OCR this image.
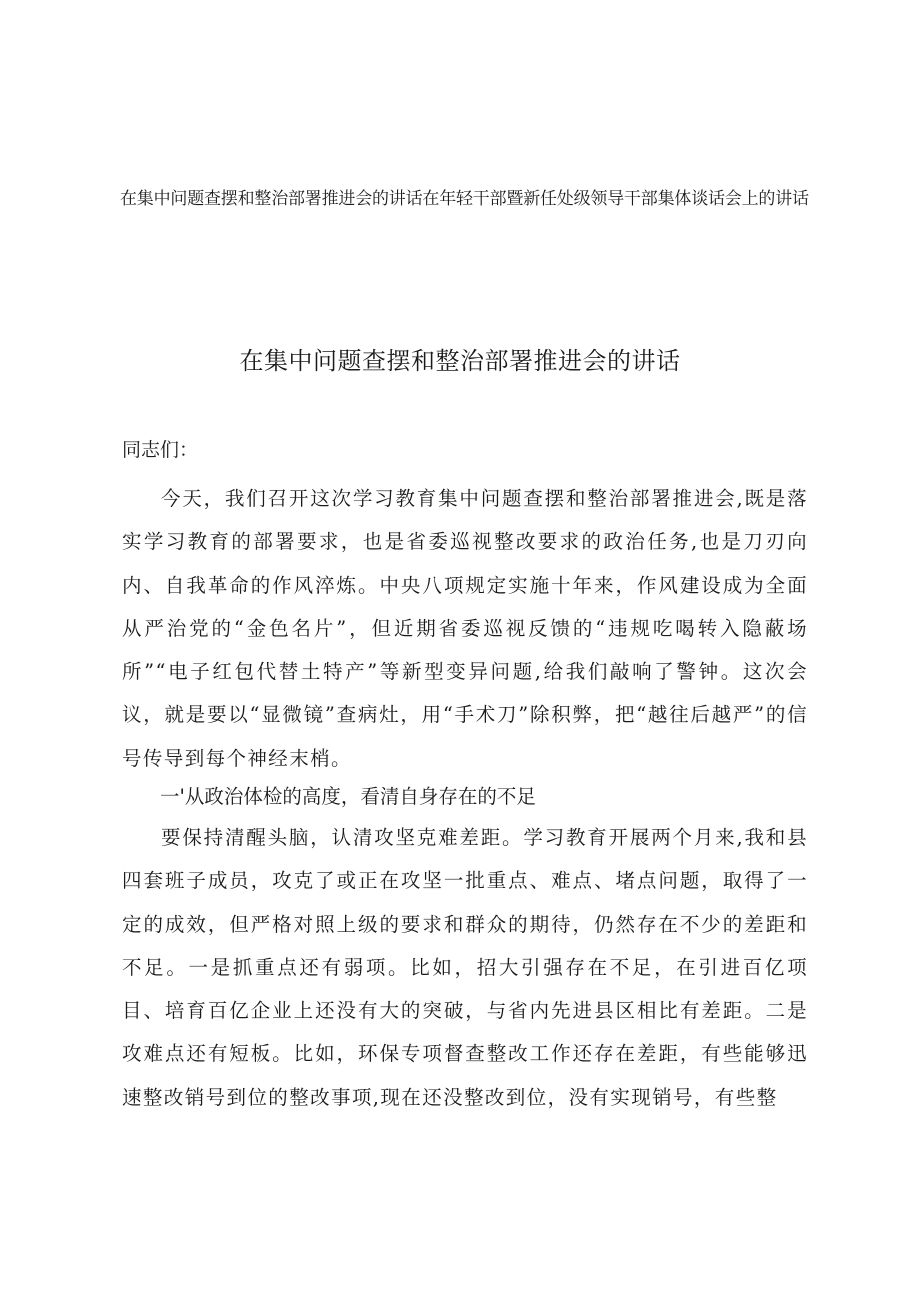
在集中问题查摆和整治部署推进会的讲话在年轻干部暨新任处级领导干部集体谈话会上的讲话
在集中问题查摆和整治部署推进会的讲话

同志们：

今天，我们召开这次学习教育集中问题查摆和整治部署推进会,既是落实学习教育的部署要求，也是省委巡视整改要求的政治任务,也是刀刃向内、自我革命的作风淬炼。中央八项规定实施十年来，作风建设成为全面从严治党的“金色名片”，但近期省委巡视反馈的“违规吃喝转入隐蔽场所”“电子红包代替土特产”等新型变异问题,给我们敲响了警钟。这次会议，就是要以“显微镜”查病灶，用“手术刀”除积弊，把“越往后越严”的信号传导到每个神经末梢。

一'从政治体检的高度，看清自身存在的不足

要保持清醒头脑，认清攻坚克难差距。学习教育开展两个月来,我和县四套班子成员，攻克了或正在攻坚一批重点、难点、堵点问题，取得了一定的成效，但严格对照上级的要求和群众的期待，仍然存在不少的差距和不足。一是抓重点还有弱项。比如，招大引强存在不足，在引进百亿项目、培育百亿企业上还没有大的突破，与省内先进县区相比有差距。二是攻难点还有短板。比如，环保专项督查整改工作还存在差距，有些能够迅速整改销号到位的整改事项,现在还没整改到位，没有实现销号，有些整
